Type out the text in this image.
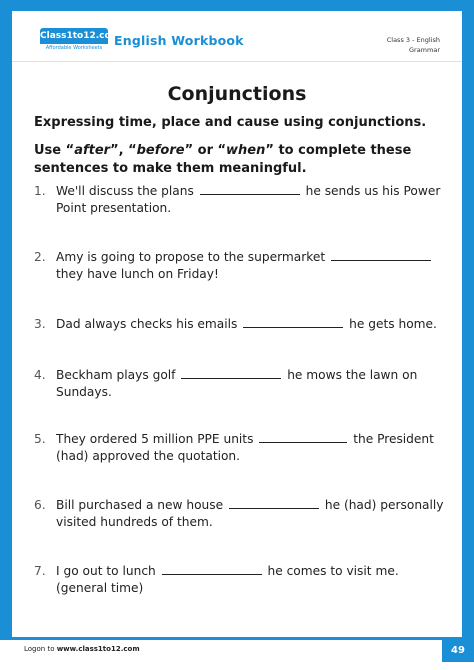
Class1to12.com
Affordable Worksheets English Workbook	Class 3 - English
Grammar
Conjunctions
Expressing time, place and cause using conjunctions.
Use “after”, “before” or “when” to complete these sentences to make them meaningful.
1. We'll discuss the plans	he sends us his Power Point presentation.
2. Amy is going to propose to the supermarket  they have lunch on Friday!
3. Dad always checks his emails	he gets home.
4. Beckham plays golf	he mows the lawn on Sundays.
5. They ordered 5 million PPE units	the President (had) approved the quotation.
6. Bill purchased a new house	he (had) personally visited hundreds of them.
7. I go out to lunch	he comes to visit me. (general time)
Logon to www.class1to12.com	49
